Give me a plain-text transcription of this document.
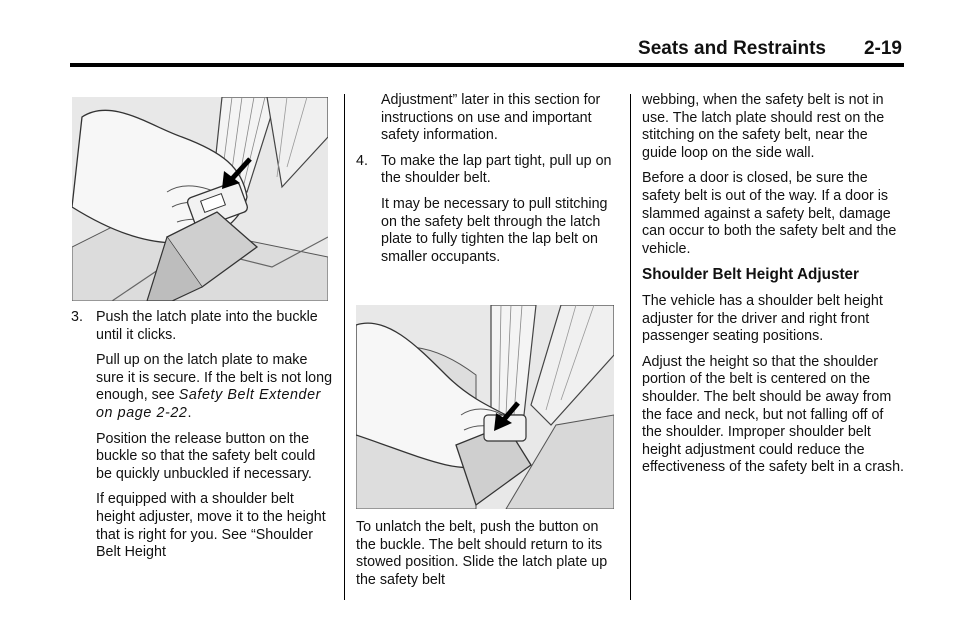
Seats and Restraints 2-19
3. Push the latch plate into the buckle until it clicks.

Pull up on the latch plate to make sure it is secure. If the belt is not long enough, see Safety Belt Extender on page 2-22.

Position the release button on the buckle so that the safety belt could be quickly unbuckled if necessary.

If equipped with a shoulder belt height adjuster, move it to the height that is right for you. See “Shoulder Belt Height

Adjustment” later in this section for instructions on use and important safety information.

4. To make the lap part tight, pull up on the shoulder belt.

It may be necessary to pull stitching on the safety belt through the latch plate to fully tighten the lap belt on smaller occupants.

To unlatch the belt, push the button on the buckle. The belt should return to its stowed position. Slide the latch plate up the safety belt

webbing, when the safety belt is not in use. The latch plate should rest on the stitching on the safety belt, near the guide loop on the side wall.

Before a door is closed, be sure the safety belt is out of the way. If a door is slammed against a safety belt, damage can occur to both the safety belt and the vehicle.

Shoulder Belt Height Adjuster

The vehicle has a shoulder belt height adjuster for the driver and right front passenger seating positions.

Adjust the height so that the shoulder portion of the belt is centered on the shoulder. The belt should be away from the face and neck, but not falling off of the shoulder. Improper shoulder belt height adjustment could reduce the effectiveness of the safety belt in a crash.
